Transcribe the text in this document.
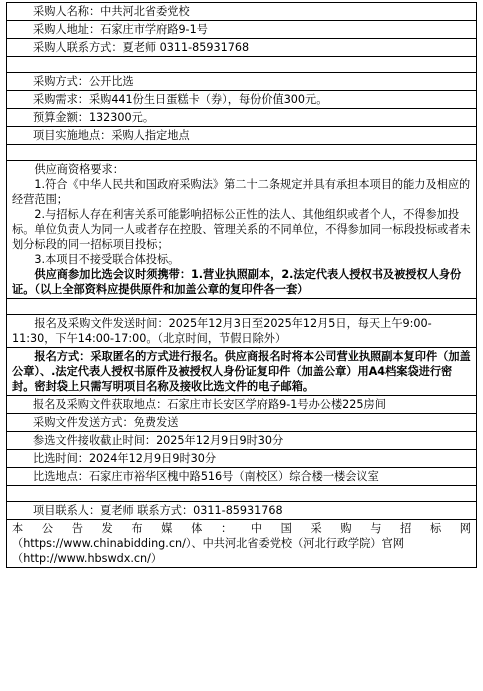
采购人名称：中共河北省委党校

采购人地址：石家庄市学府路9-1号

采购人联系方式：夏老师 0311-85931768

采购方式：公开比选

采购需求：采购441份生日蛋糕卡（券），每份价值300元。

预算金额：132300元。

项目实施地点：采购人指定地点

供应商资格要求：
1.符合《中华人民共和国政府采购法》第二十二条规定并具有承担本项目的能力及相应的经营范围；
2.与招标人存在利害关系可能影响招标公正性的法人、其他组织或者个人，不得参加投标。单位负责人为同一人或者存在控股、管理关系的不同单位，不得参加同一标段投标或者未划分标段的同一招标项目投标；
3.本项目不接受联合体投标。
供应商参加比选会议时须携带：1.营业执照副本，2.法定代表人授权书及被授权人身份证。（以上全部资料应提供原件和加盖公章的复印件各一套）

报名及采购文件发送时间：2025年12月3日至2025年12月5日，每天上午9:00-11:30，下午14:00-17:00。（北京时间，节假日除外）

报名方式：采取匿名的方式进行报名。供应商报名时将本公司营业执照副本复印件（加盖公章）、.法定代表人授权书原件及被授权人身份证复印件（加盖公章）用A4档案袋进行密封。密封袋上只需写明项目名称及接收比选文件的电子邮箱。

报名及采购文件获取地点：石家庄市长安区学府路9-1号办公楼225房间

采购文件发送方式：免费发送

参选文件接收截止时间：2025年12月9日9时30分

比选时间：2024年12月9日9时30分

比选地点：石家庄市裕华区槐中路516号（南校区）综合楼一楼会议室

项目联系人：夏老师 联系方式：0311-85931768

本公告发布媒体：中国采购与招标网
（https://www.chinabidding.cn/）、中共河北省委党校（河北行政学院）官网（http://www.hbswdx.cn/）
